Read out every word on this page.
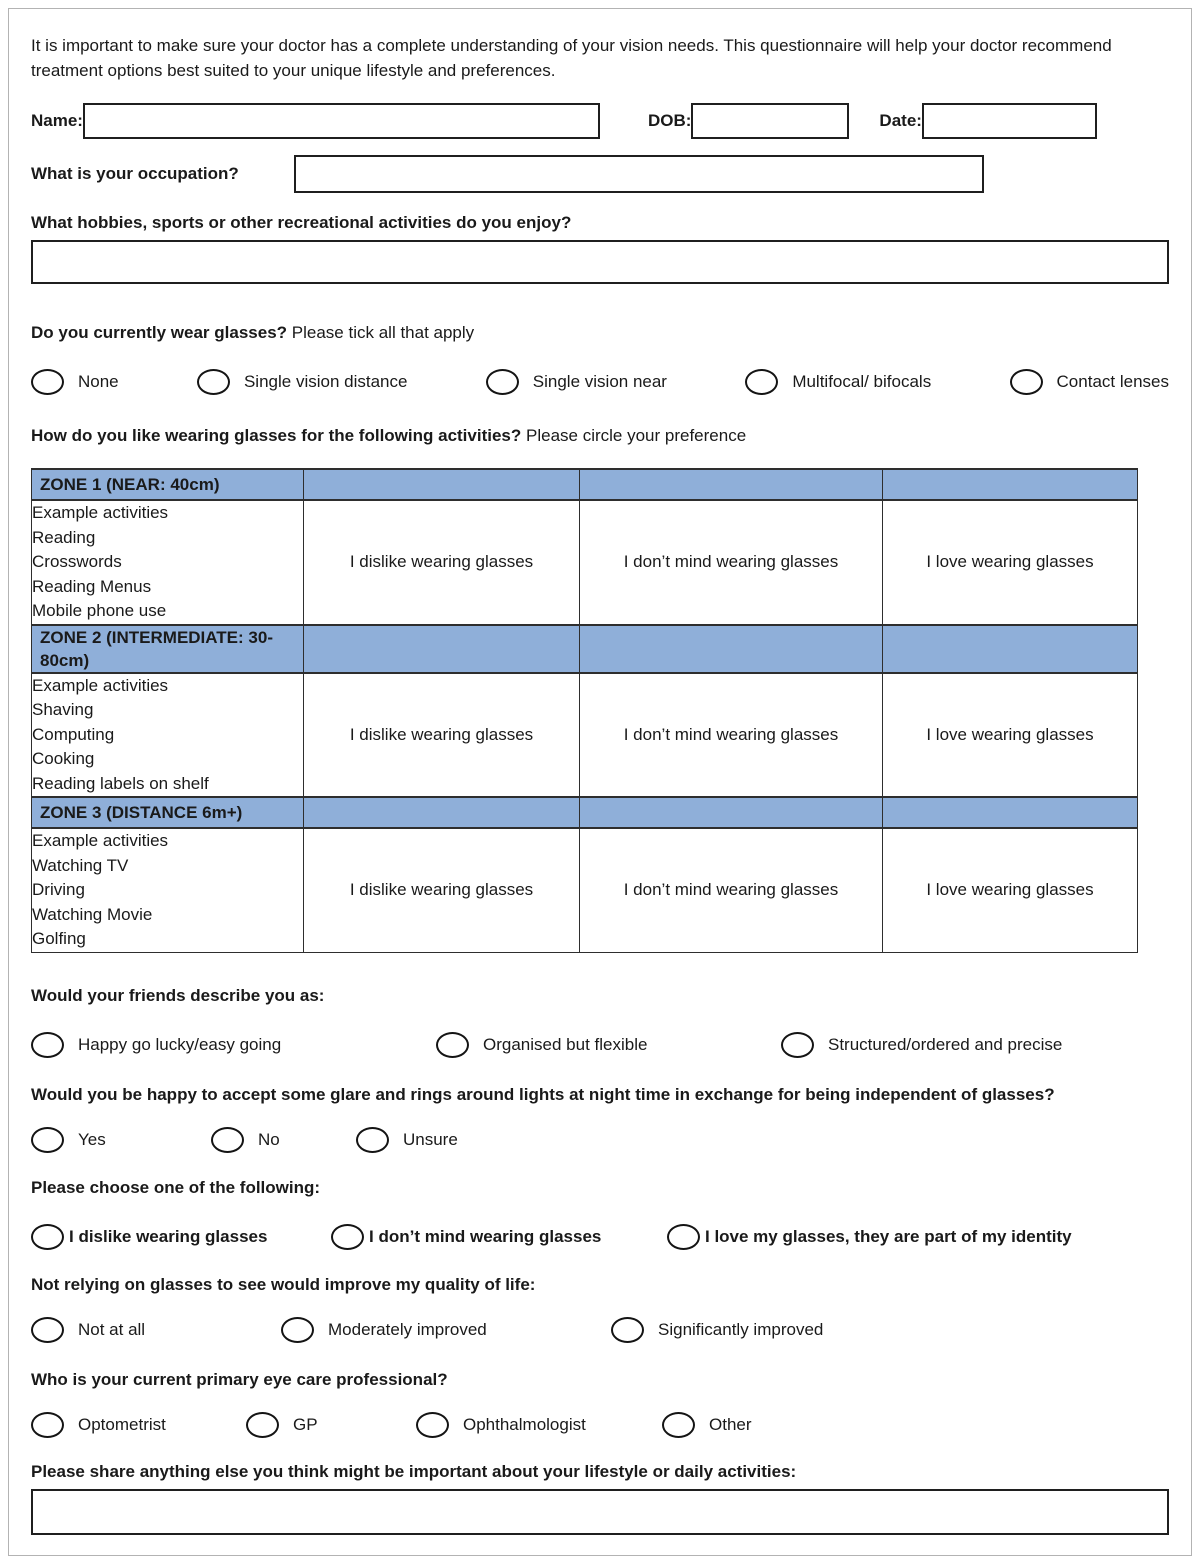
It is important to make sure your doctor has a complete understanding of your vision needs. This questionnaire will help your doctor recommend treatment options best suited to your unique lifestyle and preferences.

Name:	DOB:	Date:
What is your occupation?
What hobbies, sports or other recreational activities do you enjoy?
Do you currently wear glasses? Please tick all that apply
None	Single vision distance	Single vision near	Multifocal/ bifocals	Contact lenses
How do you like wearing glasses for the following activities? Please circle your preference
ZONE 1 (NEAR: 40cm)			

Example activities
Reading
Crosswords
Reading Menus
Mobile phone use	I dislike wearing glasses	I don’t mind wearing glasses	I love wearing glasses
ZONE 2 (INTERMEDIATE: 30-80cm)			

Example activities
Shaving
Computing
Cooking
Reading labels on shelf	I dislike wearing glasses	I don’t mind wearing glasses	I love wearing glasses
ZONE 3 (DISTANCE 6m+)			

Example activities
Watching TV
Driving
Watching Movie
Golfing	I dislike wearing glasses	I don’t mind wearing glasses	I love wearing glasses
Would your friends describe you as:
Happy go lucky/easy going	Organised but flexible	Structured/ordered and precise
Would you be happy to accept some glare and rings around lights at night time in exchange for being independent of glasses?
Yes	No	Unsure
Please choose one of the following:
I dislike wearing glasses	I don’t mind wearing glasses	I love my glasses, they are part of my identity
Not relying on glasses to see would improve my quality of life:
Not at all	Moderately improved	Significantly improved
Who is your current primary eye care professional?
Optometrist	GP	Ophthalmologist	Other
Please share anything else you think might be important about your lifestyle or daily activities:
